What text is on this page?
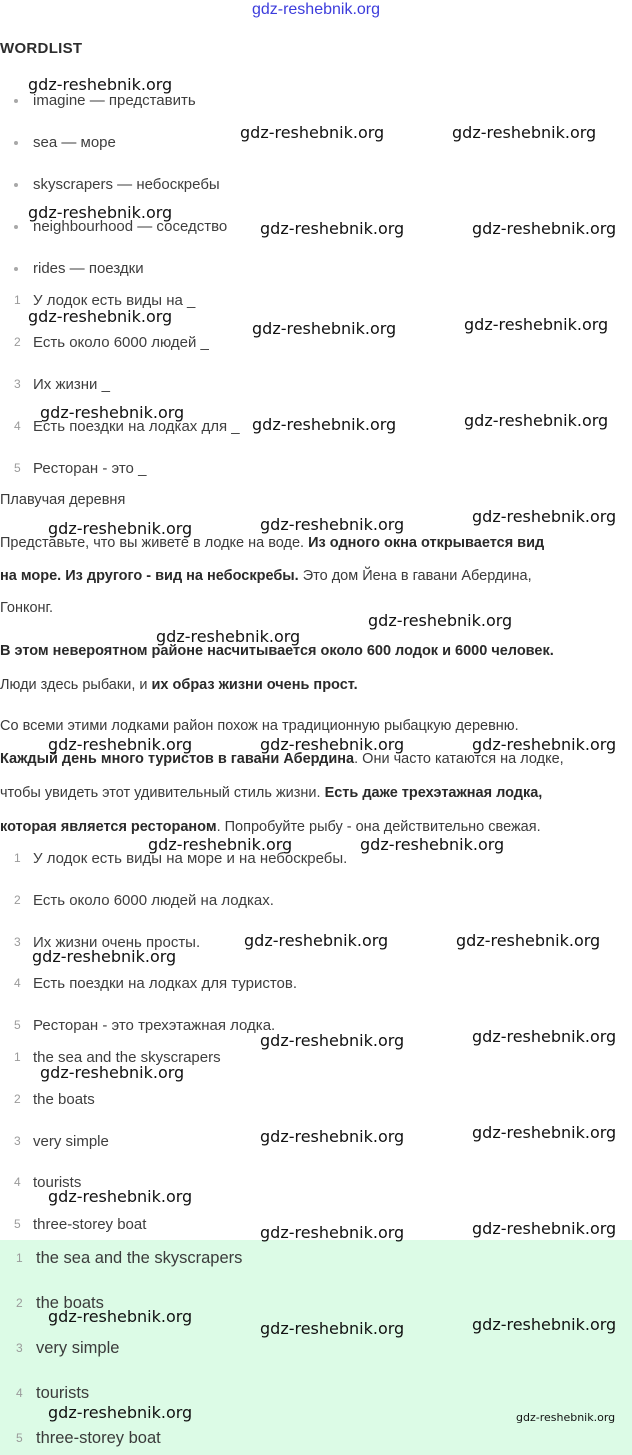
gdz-reshebnik.org
WORDLIST
imagine — представить
sea — море
skyscrapers — небоскребы
neighbourhood — соседство
rides — поездки
1 У лодок есть виды на _
2 Есть около 6000 людей _
3 Их жизни _
4 Есть поездки на лодках для _
5 Ресторан - это _
Плавучая деревня
Представьте, что вы живете в лодке на воде. Из одного окна открывается вид
на море. Из другого - вид на небоскребы. Это дом Йена в гавани Абердина,
Гонконг.
В этом невероятном районе насчитывается около 600 лодок и 6000 человек.
Люди здесь рыбаки, и их образ жизни очень прост.
Со всеми этими лодками район похож на традиционную рыбацкую деревню.
Каждый день много туристов в гавани Абердина. Они часто катаются на лодке,
чтобы увидеть этот удивительный стиль жизни. Есть даже трехэтажная лодка,
которая является рестораном. Попробуйте рыбу - она действительно свежая.
1 У лодок есть виды на море и на небоскребы.
2 Есть около 6000 людей на лодках.
3 Их жизни очень просты.
4 Есть поездки на лодках для туристов.
5 Ресторан - это трехэтажная лодка.
1 the sea and the skyscrapers
2 the boats
3 very simple
4 tourists
5 three-storey boat
1 the sea and the skyscrapers
2 the boats
3 very simple
4 tourists
5 three-storey boat
gdz-reshebnik.org
gdz-reshebnik.org	gdz-reshebnik.org
gdz-reshebnik.org
gdz-reshebnik.org	gdz-reshebnik.org
gdz-reshebnik.org
gdz-reshebnik.org	gdz-reshebnik.org
gdz-reshebnik.org
gdz-reshebnik.org	gdz-reshebnik.org
gdz-reshebnik.org	gdz-reshebnik.org	gdz-reshebnik.org
gdz-reshebnik.org
gdz-reshebnik.org
gdz-reshebnik.org	gdz-reshebnik.org	gdz-reshebnik.org
gdz-reshebnik.org	gdz-reshebnik.org
gdz-reshebnik.org	gdz-reshebnik.org
gdz-reshebnik.org
gdz-reshebnik.org	gdz-reshebnik.org
gdz-reshebnik.org
gdz-reshebnik.org	gdz-reshebnik.org
gdz-reshebnik.org
gdz-reshebnik.org	gdz-reshebnik.org
gdz-reshebnik.org
gdz-reshebnik.org	gdz-reshebnik.org
gdz-reshebnik.org	gdz-reshebnik.org
